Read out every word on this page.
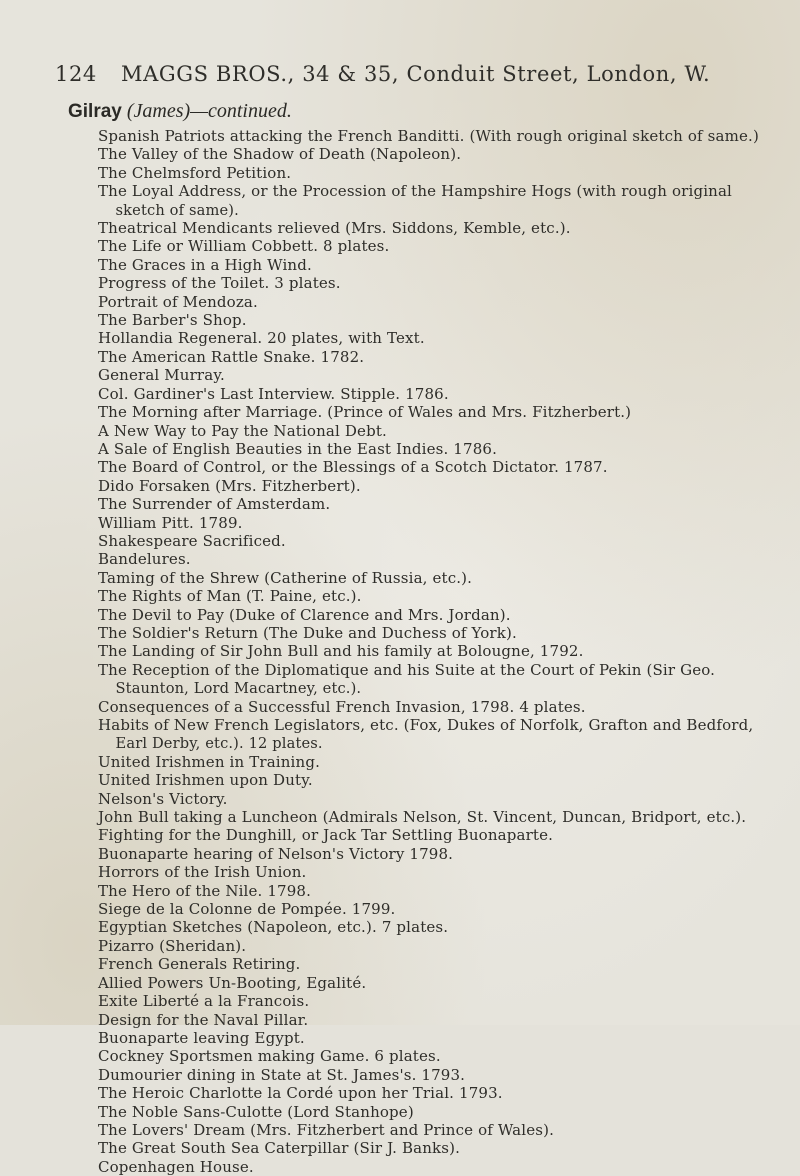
124 MAGGS BROS., 34 & 35, Conduit Street, London, W.
Gilray (James)—continued.
Spanish Patriots attacking the French Banditti. (With rough original sketch of same.)
The Valley of the Shadow of Death (Napoleon).
The Chelmsford Petition.
The Loyal Address, or the Procession of the Hampshire Hogs (with rough original
sketch of same).
Theatrical Mendicants relieved (Mrs. Siddons, Kemble, etc.).
The Life or William Cobbett. 8 plates.
The Graces in a High Wind.
Progress of the Toilet. 3 plates.
Portrait of Mendoza.
The Barber's Shop.
Hollandia Regeneral. 20 plates, with Text.
The American Rattle Snake. 1782.
General Murray.
Col. Gardiner's Last Interview. Stipple. 1786.
The Morning after Marriage. (Prince of Wales and Mrs. Fitzherbert.)
A New Way to Pay the National Debt.
A Sale of English Beauties in the East Indies. 1786.
The Board of Control, or the Blessings of a Scotch Dictator. 1787.
Dido Forsaken (Mrs. Fitzherbert).
The Surrender of Amsterdam.
William Pitt. 1789.
Shakespeare Sacrificed.
Bandelures.
Taming of the Shrew (Catherine of Russia, etc.).
The Rights of Man (T. Paine, etc.).
The Devil to Pay (Duke of Clarence and Mrs. Jordan).
The Soldier's Return (The Duke and Duchess of York).
The Landing of Sir John Bull and his family at Bolougne, 1792.
The Reception of the Diplomatique and his Suite at the Court of Pekin (Sir Geo.
Staunton, Lord Macartney, etc.).
Consequences of a Successful French Invasion, 1798. 4 plates.
Habits of New French Legislators, etc. (Fox, Dukes of Norfolk, Grafton and Bedford,
Earl Derby, etc.). 12 plates.
United Irishmen in Training.
United Irishmen upon Duty.
Nelson's Victory.
John Bull taking a Luncheon (Admirals Nelson, St. Vincent, Duncan, Bridport, etc.).
Fighting for the Dunghill, or Jack Tar Settling Buonaparte.
Buonaparte hearing of Nelson's Victory 1798.
Horrors of the Irish Union.
The Hero of the Nile. 1798.
Siege de la Colonne de Pompée. 1799.
Egyptian Sketches (Napoleon, etc.). 7 plates.
Pizarro (Sheridan).
French Generals Retiring.
Allied Powers Un-Booting, Egalité.
Exite Liberté a la Francois.
Design for the Naval Pillar.
Buonaparte leaving Egypt.
Cockney Sportsmen making Game. 6 plates.
Dumourier dining in State at St. James's. 1793.
The Heroic Charlotte la Cordé upon her Trial. 1793.
The Noble Sans-Culotte (Lord Stanhope)
The Lovers' Dream (Mrs. Fitzherbert and Prince of Wales).
The Great South Sea Caterpillar (Sir J. Banks).
Copenhagen House.
